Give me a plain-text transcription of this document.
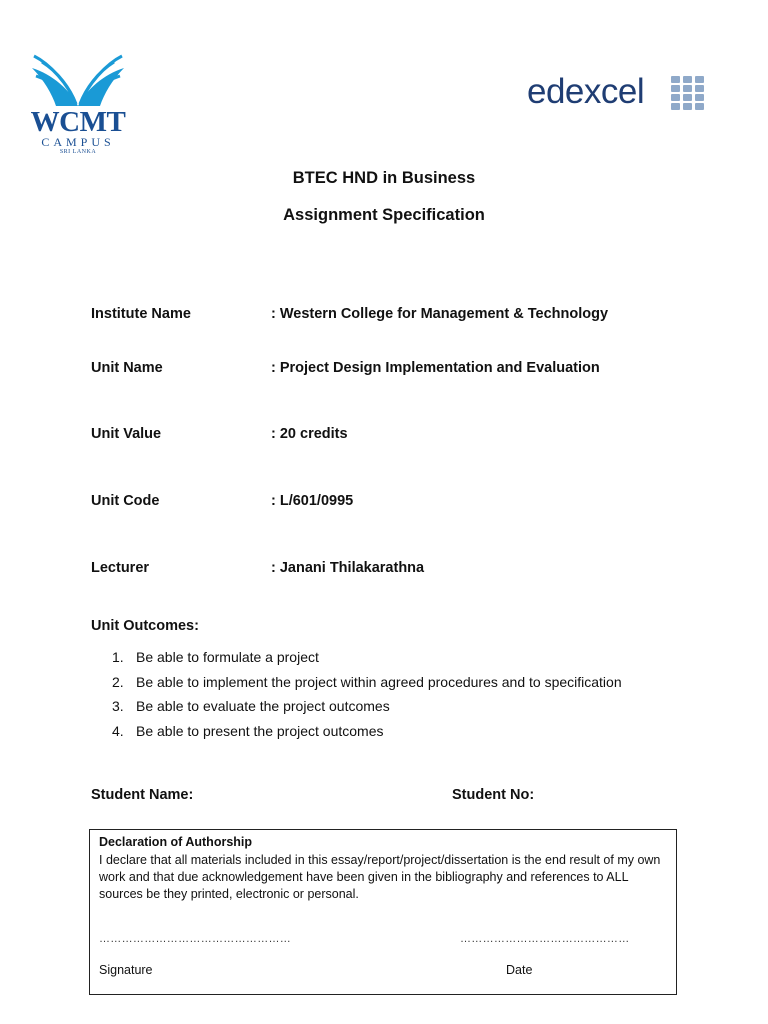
WCMT
CAMPUS
SRI LANKA
edexcel
BTEC HND in Business
Assignment Specification
Institute Name	: Western College for Management & Technology
Unit Name	: Project Design Implementation and Evaluation
Unit Value	: 20 credits
Unit Code	: L/601/0995
Lecturer	: Janani Thilakarathna
Unit Outcomes:
1. Be able to formulate a project
2. Be able to implement the project within agreed procedures and to specification
3. Be able to evaluate the project outcomes
4. Be able to present the project outcomes
Student Name:	Student No:
Declaration of Authorship
I declare that all materials included in this essay/report/project/dissertation is the end result of my own work and that due acknowledgement have been given in the bibliography and references to ALL sources be they printed, electronic or personal.
……………………………………………	………………………………………
Signature	Date
